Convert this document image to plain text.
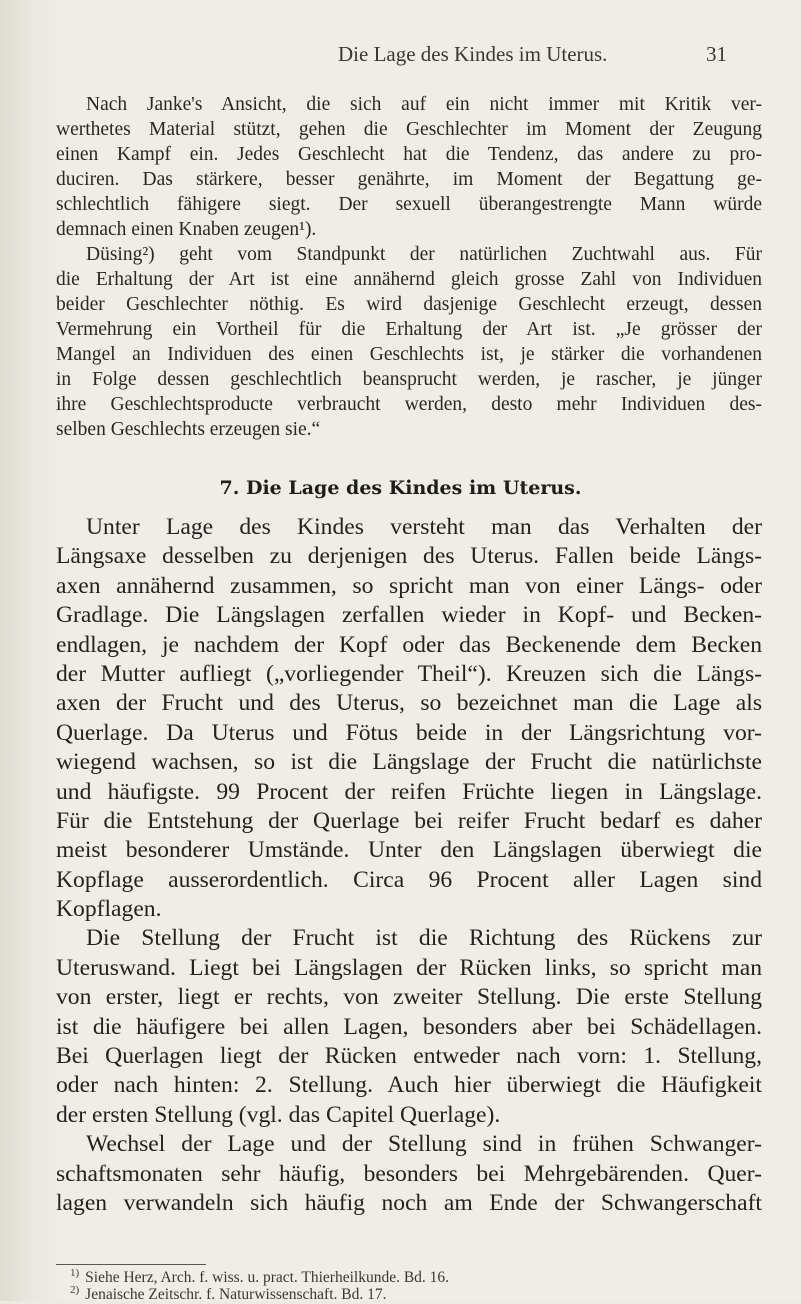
Die Lage des Kindes im Uterus.	31
Nach Janke's Ansicht, die sich auf ein nicht immer mit Kritik ver-
werthetes Material stützt, gehen die Geschlechter im Moment der Zeugung
einen Kampf ein. Jedes Geschlecht hat die Tendenz, das andere zu pro-
duciren. Das stärkere, besser genährte, im Moment der Begattung ge-
schlechtlich fähigere siegt. Der sexuell überangestrengte Mann würde
demnach einen Knaben zeugen¹).
Düsing²) geht vom Standpunkt der natürlichen Zuchtwahl aus. Für
die Erhaltung der Art ist eine annähernd gleich grosse Zahl von Individuen
beider Geschlechter nöthig. Es wird dasjenige Geschlecht erzeugt, dessen
Vermehrung ein Vortheil für die Erhaltung der Art ist. „Je grösser der
Mangel an Individuen des einen Geschlechts ist, je stärker die vorhandenen
in Folge dessen geschlechtlich beansprucht werden, je rascher, je jünger
ihre Geschlechtsproducte verbraucht werden, desto mehr Individuen des-
selben Geschlechts erzeugen sie.“
7. Die Lage des Kindes im Uterus.
Unter Lage des Kindes versteht man das Verhalten der
Längsaxe desselben zu derjenigen des Uterus. Fallen beide Längs-
axen annähernd zusammen, so spricht man von einer Längs- oder
Gradlage. Die Längslagen zerfallen wieder in Kopf- und Becken-
endlagen, je nachdem der Kopf oder das Beckenende dem Becken
der Mutter aufliegt („vorliegender Theil“). Kreuzen sich die Längs-
axen der Frucht und des Uterus, so bezeichnet man die Lage als
Querlage. Da Uterus und Fötus beide in der Längsrichtung vor-
wiegend wachsen, so ist die Längslage der Frucht die natürlichste
und häufigste. 99 Procent der reifen Früchte liegen in Längslage.
Für die Entstehung der Querlage bei reifer Frucht bedarf es daher
meist besonderer Umstände. Unter den Längslagen überwiegt die
Kopflage ausserordentlich. Circa 96 Procent aller Lagen sind
Kopflagen.
Die Stellung der Frucht ist die Richtung des Rückens zur
Uteruswand. Liegt bei Längslagen der Rücken links, so spricht man
von erster, liegt er rechts, von zweiter Stellung. Die erste Stellung
ist die häufigere bei allen Lagen, besonders aber bei Schädellagen.
Bei Querlagen liegt der Rücken entweder nach vorn: 1. Stellung,
oder nach hinten: 2. Stellung. Auch hier überwiegt die Häufigkeit
der ersten Stellung (vgl. das Capitel Querlage).
Wechsel der Lage und der Stellung sind in frühen Schwanger-
schaftsmonaten sehr häufig, besonders bei Mehrgebärenden. Quer-
lagen verwandeln sich häufig noch am Ende der Schwangerschaft
$^{1)}$ Siehe Herz, Arch. f. wiss. u. pract. Thierheilkunde. Bd. 16.
$^{2)}$ Jenaische Zeitschr. f. Naturwissenschaft. Bd. 17.
